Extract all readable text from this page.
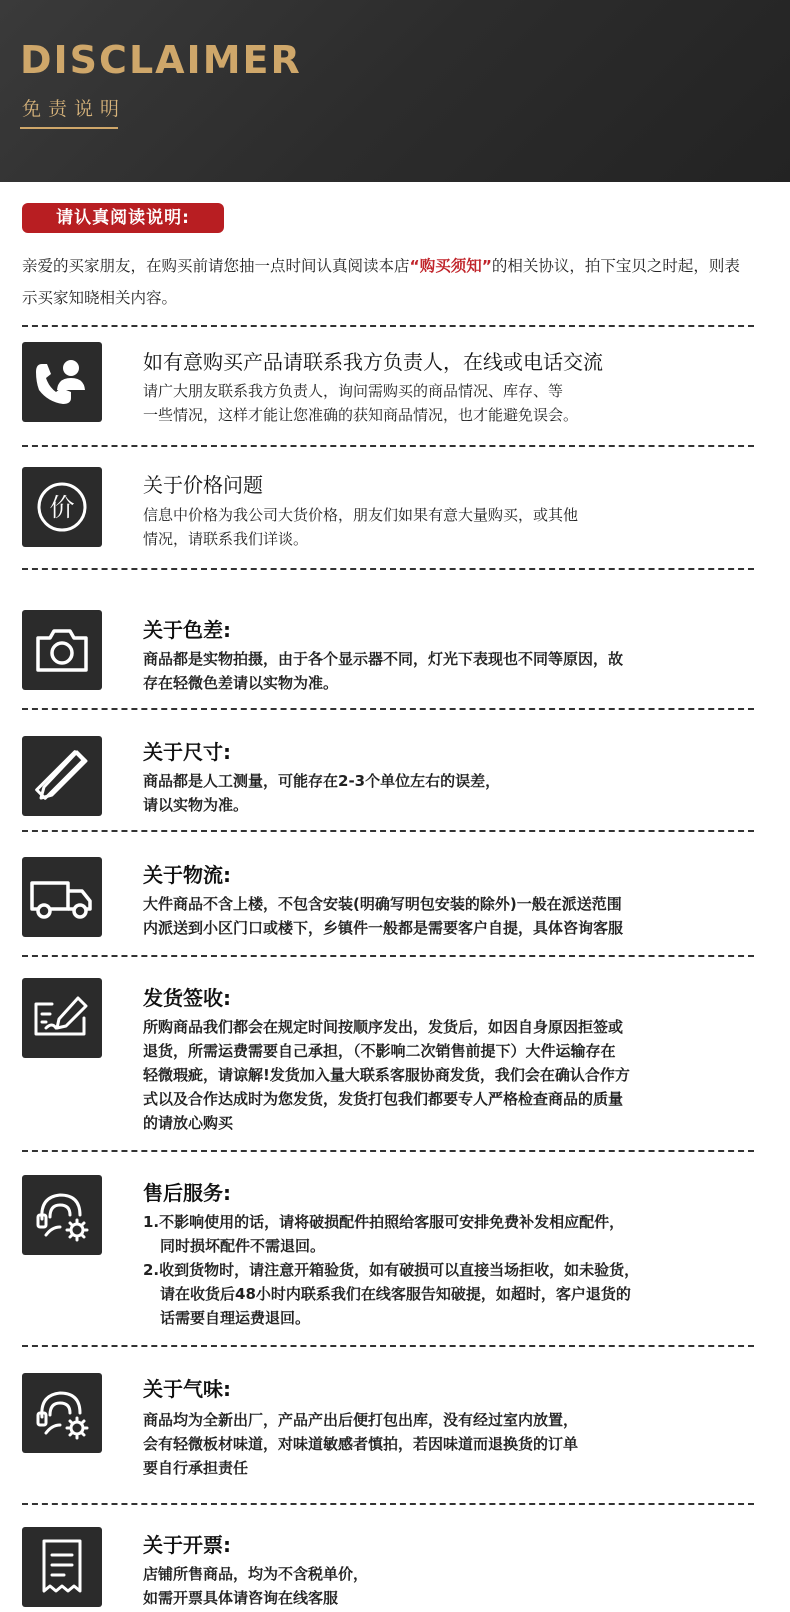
DISCLAIMER
免责说明
请认真阅读说明:
亲爱的买家朋友，在购买前请您抽一点时间认真阅读本店“购买须知”的相关协议，拍下宝贝之时起，则表示买家知晓相关内容。
如有意购买产品请联系我方负责人，在线或电话交流

请广大朋友联系我方负责人，询问需购买的商品情况、库存、等

一些情况，这样才能让您准确的获知商品情况，也才能避免误会。

价
关于价格问题

信息中价格为我公司大货价格，朋友们如果有意大量购买，或其他

情况，请联系我们详谈。

关于色差:

商品都是实物拍摄，由于各个显示器不同，灯光下表现也不同等原因，故

存在轻微色差请以实物为准。

关于尺寸:

商品都是人工测量，可能存在2-3个单位左右的误差，

请以实物为准。

关于物流:

大件商品不含上楼，不包含安装(明确写明包安装的除外)一般在派送范围

内派送到小区门口或楼下，乡镇件一般都是需要客户自提，具体咨询客服

发货签收:

所购商品我们都会在规定时间按顺序发出，发货后，如因自身原因拒签或

退货，所需运费需要自己承担，（不影响二次销售前提下）大件运输存在

轻微瑕疵，请谅解!发货加入量大联系客服协商发货，我们会在确认合作方

式以及合作达成时为您发货，发货打包我们都要专人严格检查商品的质量

的请放心购买

售后服务:

1.不影响使用的话，请将破损配件拍照给客服可安排免费补发相应配件，

同时损坏配件不需退回。

2.收到货物时，请注意开箱验货，如有破损可以直接当场拒收，如未验货，

请在收货后48小时内联系我们在线客服告知破提，如超时，客户退货的

话需要自理运费退回。

关于气味:

商品均为全新出厂，产品产出后便打包出库，没有经过室内放置，

会有轻微板材味道，对味道敏感者慎拍，若因味道而退换货的订单

要自行承担责任

关于开票:

店铺所售商品，均为不含税单价，

如需开票具体请咨询在线客服
